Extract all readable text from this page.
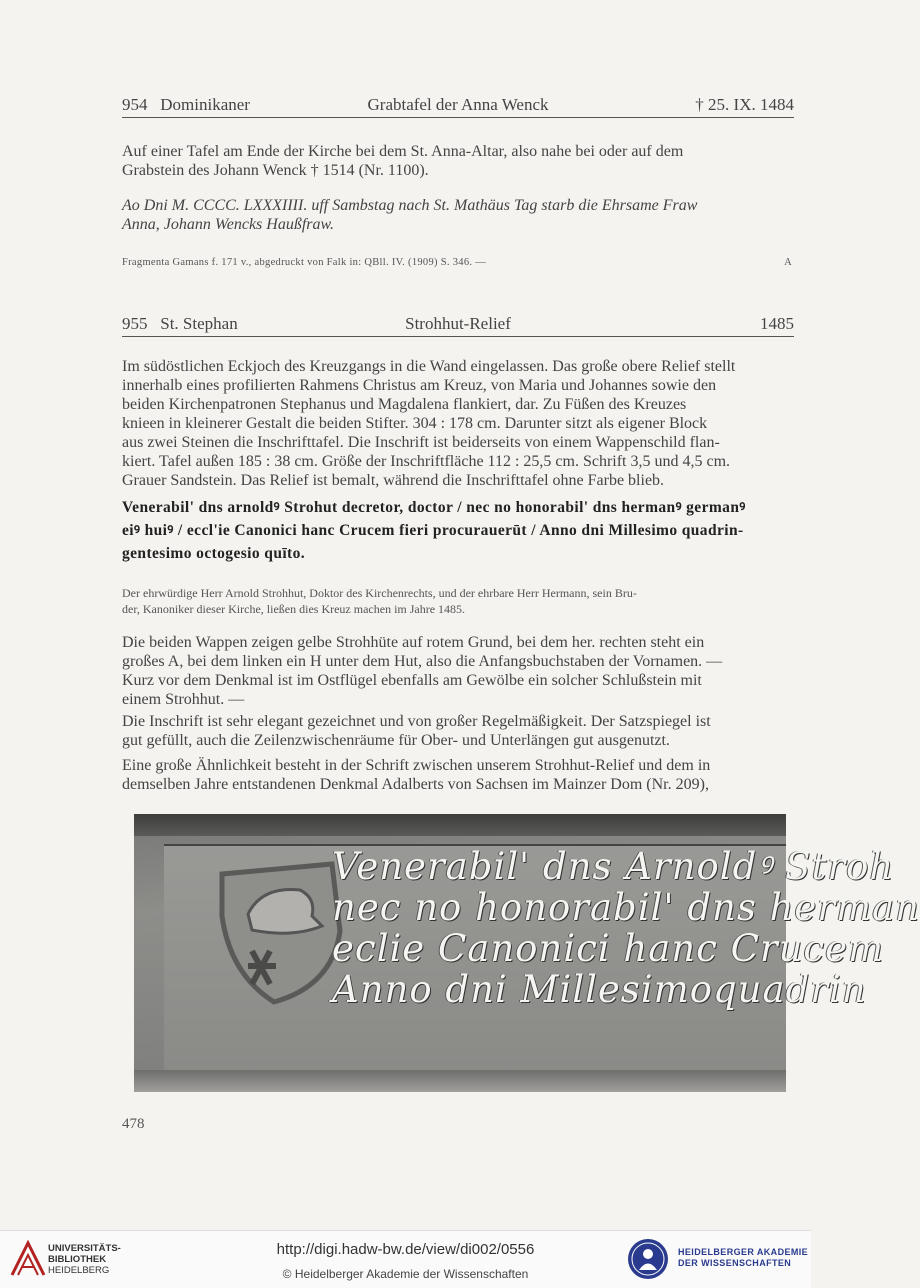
954 Dominikaner	Grabtafel der Anna Wenck	† 25. IX. 1484
Auf einer Tafel am Ende der Kirche bei dem St. Anna-Altar, also nahe bei oder auf dem
Grabstein des Johann Wenck † 1514 (Nr. 1100).
Ao Dni M. CCCC. LXXXIIII. uff Sambstag nach St. Mathäus Tag starb die Ehrsame Fraw
Anna, Johann Wencks Haußfraw.
Fragmenta Gamans f. 171 v., abgedruckt von Falk in: QBll. IV. (1909) S. 346. —	A
955 St. Stephan	Strohhut-Relief	1485
Im südöstlichen Eckjoch des Kreuzgangs in die Wand eingelassen. Das große obere Relief stellt
innerhalb eines profilierten Rahmens Christus am Kreuz, von Maria und Johannes sowie den
beiden Kirchenpatronen Stephanus und Magdalena flankiert, dar. Zu Füßen des Kreuzes
knieen in kleinerer Gestalt die beiden Stifter. 304 : 178 cm. Darunter sitzt als eigener Block
aus zwei Steinen die Inschrifttafel. Die Inschrift ist beiderseits von einem Wappenschild flan-
kiert. Tafel außen 185 : 38 cm. Größe der Inschriftfläche 112 : 25,5 cm. Schrift 3,5 und 4,5 cm.
Grauer Sandstein. Das Relief ist bemalt, während die Inschrifttafel ohne Farbe blieb.
Venerabil' dns arnoldꝰ Strohut decretor, doctor / nec no honorabil' dns hermanꝰ germanꝰ
eiꝰ huiꝰ / eccl'ie Canonici hanc Crucem fieri procurauerūt / Anno dni Millesimo quadrin-
gentesimo octogesio quīto.
Der ehrwürdige Herr Arnold Strohhut, Doktor des Kirchenrechts, und der ehrbare Herr Hermann, sein Bru-
der, Kanoniker dieser Kirche, ließen dies Kreuz machen im Jahre 1485.
Die beiden Wappen zeigen gelbe Strohhüte auf rotem Grund, bei dem her. rechten steht ein
großes A, bei dem linken ein H unter dem Hut, also die Anfangsbuchstaben der Vornamen. —
Kurz vor dem Denkmal ist im Ostflügel ebenfalls am Gewölbe ein solcher Schlußstein mit
einem Strohhut. —
Die Inschrift ist sehr elegant gezeichnet und von großer Regelmäßigkeit. Der Satzspiegel ist
gut gefüllt, auch die Zeilenzwischenräume für Ober- und Unterlängen gut ausgenutzt.
Eine große Ähnlichkeit besteht in der Schrift zwischen unserem Strohhut-Relief und dem in
demselben Jahre entstandenen Denkmal Adalberts von Sachsen im Mainzer Dom (Nr. 209),
Venerabil' dns Arnoldꝰ Stroh
nec no honorabil' dns herman
eclie Canonici hanc Crucem
Anno dni Millesimoquadrin
478
UNIVERSITÄTS-
BIBLIOTHEK
HEIDELBERG
http://digi.hadw-bw.de/view/di002/0556
© Heidelberger Akademie der Wissenschaften
HEIDELBERGER AKADEMIE
DER WISSENSCHAFTEN
